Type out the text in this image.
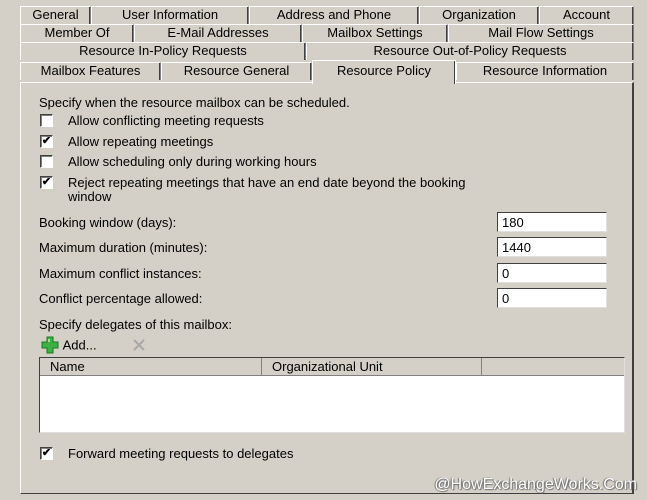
General	User Information	Address and Phone	Organization	Account
Member Of	E-Mail Addresses	Mailbox Settings	Mail Flow Settings
Resource In-Policy Requests	Resource Out-of-Policy Requests
Mailbox Features	Resource General	Resource Policy	Resource Information
Specify when the resource mailbox can be scheduled.
Allow conflicting meeting requests
✔ Allow repeating meetings
Allow scheduling only during working hours
✔ Reject repeating meetings that have an end date beyond the booking
window
Booking window (days):
180
Maximum duration (minutes):
1440
Maximum conflict instances:
0
Conflict percentage allowed:
0
Specify delegates of this mailbox:
Add...
Name	Organizational Unit
✔ Forward meeting requests to delegates
@HowExchangeWorks.Com
